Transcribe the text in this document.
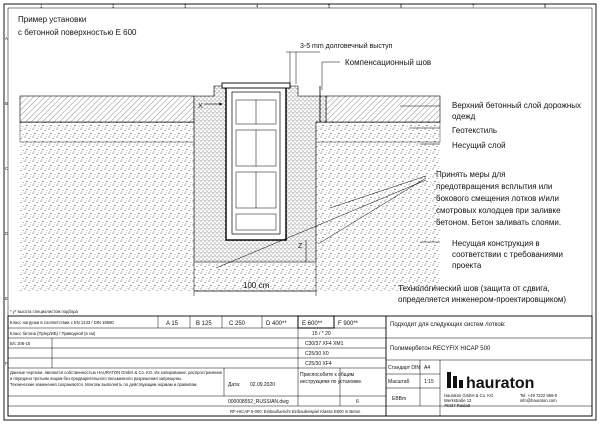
1	2	3	4	5	6	7	8
A
B
C
D
E
F
Пример установки
с бетонной поверхностью E 600
X
Z
100 cm
3-5 mm долговечный выступ
Компенсационный шов
Верхний бетонный слой дорожных
одежд
Геотекстиль
Несущий слой
Принять меры для
предотвращения всплытия или
бокового смещения лотков и/или
смотровых колодцев при заливке
бетоном. Бетон заливать слоями.
Несущая конструкция в
соответствии с требованиями
проекта
Технологический шов (защита от сдвига,
определяется инженером-проектировщиком)
* у* высота специалистом подбора
Класс нагрузки в соответствии с EN 1433 / DIN 19580	A 15	B 125	C 250	D 400**	E 600**	F 900**
Класс бетона (Пр/нр/ИБ) / Приводной (в см)	15 / * 20
В/с 206-10	C30/37 XF4 XM1
C25/30 X0
C25/30 XF4
Данные чертежи, являются собственностью HAURATON GmbH & Co. KG. Их копирование, распространение
и передача третьим лицам без предварительного письменного разрешения запрещены.
Технические изменения сохраняются. Монтаж выполнять по действующим нормам и правилам.	Дата: 02.09.2020
Приспособите к общим
инструкциям по установке.
000008552_RUSSIAN.dwg	6
RF-HICAP 5-000: Einbaufuericht Einbaubeispiel Klasse E600 in Beton
Подходит для следующих систем лотков:
Полимербетон RECYFIX HICAP 500
Стандарт DIN A4
Масштаб	1:15
EBBm
hauraton
Hauraton GmbH & Co. KG
Werkstraße 13
76437 Rastatt
Tel. +49 7222 958-0
info@hauraton.com
